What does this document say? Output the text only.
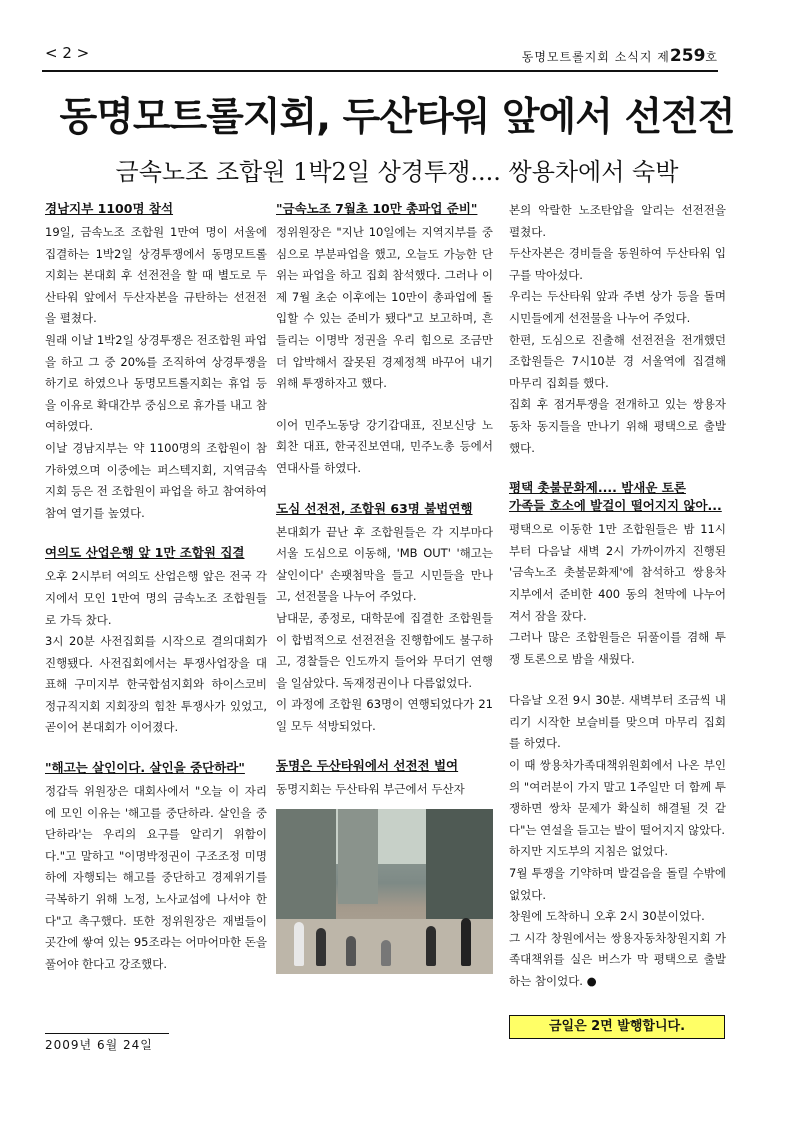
< 2 >	동명모트롤지회 소식지 제259호
동명모트롤지회, 두산타워 앞에서 선전전
금속노조 조합원 1박2일 상경투쟁.... 쌍용차에서 숙박
경남지부 1100명 참석

19일, 금속노조 조합원 1만여 명이 서울에 집결하는 1박2일 상경투쟁에서 동명모트롤지회는 본대회 후 선전전을 할 때 별도로 두산타워 앞에서 두산자본을 규탄하는 선전전을 펼쳤다.

원래 이날 1박2일 상경투쟁은 전조합원 파업을 하고 그 중 20%를 조직하여 상경투쟁을 하기로 하였으나 동명모트롤지회는 휴업 등을 이유로 확대간부 중심으로 휴가를 내고 참여하였다.

이날 경남지부는 약 1100명의 조합원이 참가하였으며 이중에는 퍼스텍지회, 지역금속지회 등은 전 조합원이 파업을 하고 참여하여 참여 열기를 높였다.

여의도 산업은행 앞 1만 조합원 집결

오후 2시부터 여의도 산업은행 앞은 전국 각지에서 모인 1만여 명의 금속노조 조합원들로 가득 찼다.

3시 20분 사전집회를 시작으로 결의대회가 진행됐다. 사전집회에서는 투쟁사업장을 대표해 구미지부 한국합섬지회와 하이스코비정규직지회 지회장의 힘찬 투쟁사가 있었고, 곧이어 본대회가 이어졌다.

"해고는 살인이다. 살인을 중단하라"

정갑득 위원장은 대회사에서 "오늘 이 자리에 모인 이유는 '해고를 중단하라. 살인을 중단하라'는 우리의 요구를 알리기 위함이다."고 말하고 "이명박정권이 구조조정 미명하에 자행되는 해고를 중단하고 경제위기를 극복하기 위해 노정, 노사교섭에 나서야 한다"고 촉구했다. 또한 정위원장은 재벌들이 곳간에 쌓여 있는 95조라는 어마어마한 돈을 풀어야 한다고 강조했다.

"금속노조 7월초 10만 총파업 준비"

정위원장은 "지난 10일에는 지역지부를 중심으로 부분파업을 했고, 오늘도 가능한 단위는 파업을 하고 집회 참석했다. 그러나 이제 7월 초순 이후에는 10만이 총파업에 돌입할 수 있는 준비가 됐다"고 보고하며, 흔들리는 이명박 정권을 우리 힘으로 조금만 더 압박해서 잘못된 경제정책 바꾸어 내기 위해 투쟁하자고 했다.

이어 민주노동당 강기갑대표, 진보신당 노회찬 대표, 한국진보연대, 민주노총 등에서 연대사를 하였다.

도심 선전전, 조합원 63명 불법연행

본대회가 끝난 후 조합원들은 각 지부마다 서울 도심으로 이동해, 'MB OUT' '해고는 살인이다' 손팻첨막을 들고 시민들을 만나고, 선전물을 나누어 주었다.

남대문, 종정로, 대학문에 집결한 조합원들이 합법적으로 선전전을 진행함에도 불구하고, 경찰들은 인도까지 들어와 무더기 연행을 일삼았다. 독재정권이나 다름없었다.

이 과정에 조합원 63명이 연행되었다가 21일 모두 석방되었다.

동명은 두산타워에서 선전전 벌여

동명지회는 두산타워 부근에서 두산자

본의 악랄한 노조탄압을 알리는 선전전을 펼쳤다.

두산자본은 경비들을 동원하여 두산타워 입구를 막아섰다.

우리는 두산타워 앞과 주변 상가 등을 돌며 시민들에게 선전물을 나누어 주었다.

한편, 도심으로 진출해 선전전을 전개했던 조합원들은 7시10분 경 서울역에 집결해 마무리 집회를 했다.

집회 후 점거투쟁을 전개하고 있는 쌍용자동차 동지들을 만나기 위해 평택으로 출발했다.

평택 촛불문화제.... 밤새운 토론
가족들 호소에 발걸이 떨어지지 않아...

평택으로 이동한 1만 조합원들은 밤 11시부터 다음날 새벽 2시 가까이까지 진행된 '금속노조 촛불문화제'에 참석하고 쌍용차지부에서 준비한 400 동의 천막에 나누어져서 잠을 잤다.

그러나 많은 조합원들은 뒤풀이를 겸해 투쟁 토론으로 밤을 새웠다.

다음날 오전 9시 30분. 새벽부터 조금씩 내리기 시작한 보슬비를 맞으며 마무리 집회를 하였다.

이 때 쌍용차가족대책위원회에서 나온 부인의 "여러분이 가지 말고 1주일만 더 함께 투쟁하면 쌍차 문제가 확실히 해결될 것 같다"는 연설을 듣고는 발이 떨어지지 않았다.

하지만 지도부의 지침은 없었다.

7월 투쟁을 기약하며 발걸음을 돌릴 수밖에 없었다.

창원에 도착하니 오후 2시 30분이었다.

그 시각 창원에서는 쌍용자동차창원지회 가족대책위를 실은 버스가 막 평택으로 출발하는 참이었다. ●

금일은 2면 발행합니다.
2009년 6월 24일
